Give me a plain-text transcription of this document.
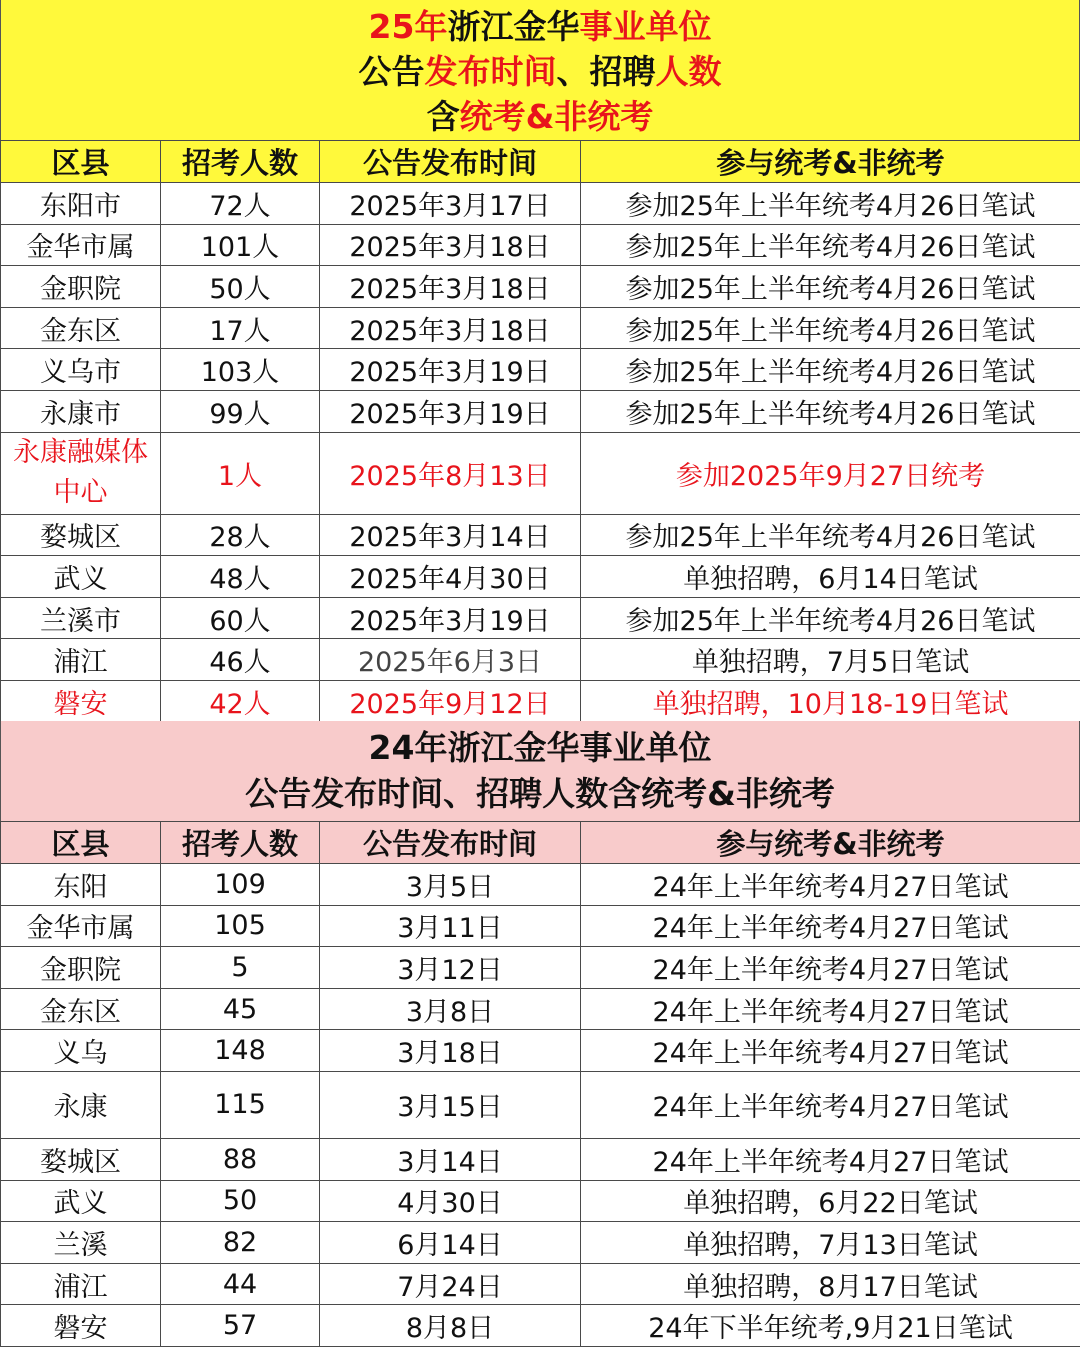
25年浙江金华事业单位
公告发布时间、招聘人数
含统考&非统考
区县	招考人数	公告发布时间	参与统考&非统考
东阳市	72人	2025年3月17日	参加25年上半年统考4月26日笔试
金华市属	101人	2025年3月18日	参加25年上半年统考4月26日笔试
金职院	50人	2025年3月18日	参加25年上半年统考4月26日笔试
金东区	17人	2025年3月18日	参加25年上半年统考4月26日笔试
义乌市	103人	2025年3月19日	参加25年上半年统考4月26日笔试
永康市	99人	2025年3月19日	参加25年上半年统考4月26日笔试
永康融媒体中心	1人	2025年8月13日	参加2025年9月27日统考
婺城区	28人	2025年3月14日	参加25年上半年统考4月26日笔试
武义	48人	2025年4月30日	单独招聘，6月14日笔试
兰溪市	60人	2025年3月19日	参加25年上半年统考4月26日笔试
浦江	46人	2025年6月3日	单独招聘，7月5日笔试
磐安	42人	2025年9月12日	单独招聘，10月18-19日笔试
24年浙江金华事业单位
公告发布时间、招聘人数含统考&非统考
区县	招考人数	公告发布时间	参与统考&非统考
东阳	109	3月5日	24年上半年统考4月27日笔试
金华市属	105	3月11日	24年上半年统考4月27日笔试
金职院	5	3月12日	24年上半年统考4月27日笔试
金东区	45	3月8日	24年上半年统考4月27日笔试
义乌	148	3月18日	24年上半年统考4月27日笔试
永康	115	3月15日	24年上半年统考4月27日笔试
婺城区	88	3月14日	24年上半年统考4月27日笔试
武义	50	4月30日	单独招聘，6月22日笔试
兰溪	82	6月14日	单独招聘，7月13日笔试
浦江	44	7月24日	单独招聘，8月17日笔试
磐安	57	8月8日	24年下半年统考,9月21日笔试
